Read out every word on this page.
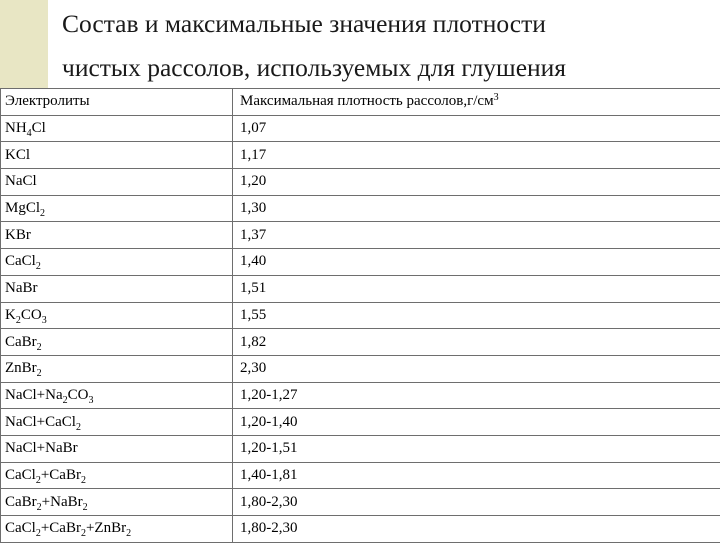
Состав и максимальные значения плотности
чистых рассолов, используемых для глушения
Электролиты	Максимальная плотность $рассолов,г/см^3$
$NH_4Cl$	1,07
KCl	1,17
NaCl	1,20
MgCl$_2$	1,30
KBr	1,37
CaCl$_2$	1,40
NaBr	1,51
$K_2CO_3$	1,55
CaBr$_2$	1,82
ZnBr$_2$	2,30
$NaCl+Na_2CO_3$	1,20-1,27
NaCl+CaCl$_2$	1,20-1,40
NaCl+NaBr	1,20-1,51
CaCl$_2$+CaBr$_2$	1,40-1,81
CaBr$_2$+NaBr$_2$	1,80-2,30
CaCl$_2$+CaBr$_2$+ZnBr$_2$	1,80-2,30
